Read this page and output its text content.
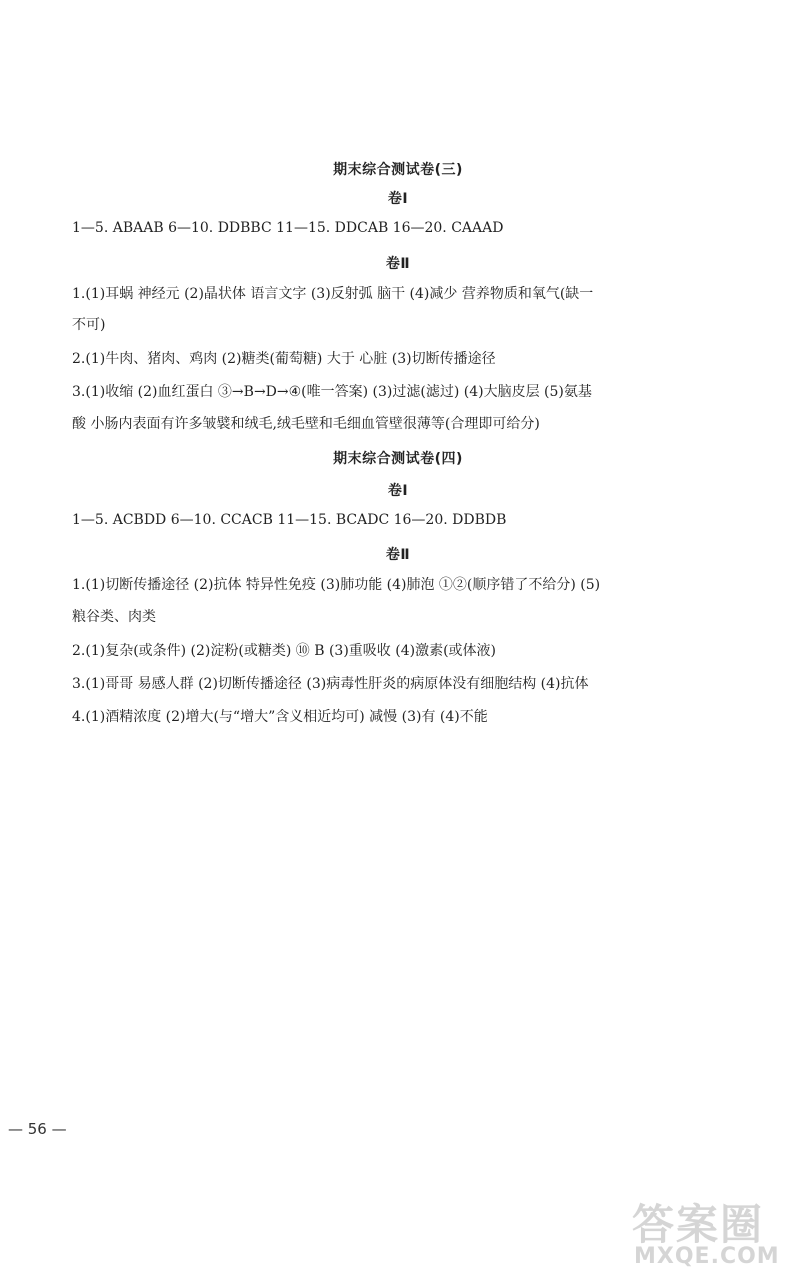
期末综合测试卷(三)
卷Ⅰ
1—5. ABAAB 6—10. DDBBC 11—15. DDCAB 16—20. CAAAD
卷Ⅱ
1.(1)耳蜗 神经元 (2)晶状体 语言文字 (3)反射弧 脑干 (4)减少 营养物质和氧气(缺一
不可)
2.(1)牛肉、猪肉、鸡肉 (2)糖类(葡萄糖) 大于 心脏 (3)切断传播途径
3.(1)收缩 (2)血红蛋白 ③→B→D→④(唯一答案) (3)过滤(滤过) (4)大脑皮层 (5)氨基
酸 小肠内表面有许多皱襞和绒毛,绒毛壁和毛细血管壁很薄等(合理即可给分)
期末综合测试卷(四)
卷Ⅰ
1—5. ACBDD 6—10. CCACB 11—15. BCADC 16—20. DDBDB
卷Ⅱ
1.(1)切断传播途径 (2)抗体 特异性免疫 (3)肺功能 (4)肺泡 ①②(顺序错了不给分) (5)
粮谷类、肉类
2.(1)复杂(或条件) (2)淀粉(或糖类) ⑩ B (3)重吸收 (4)激素(或体液)
3.(1)哥哥 易感人群 (2)切断传播途径 (3)病毒性肝炎的病原体没有细胞结构 (4)抗体
4.(1)酒精浓度 (2)增大(与“增大”含义相近均可) 减慢 (3)有 (4)不能
— 56 —
答案圈
MXQE.COM
